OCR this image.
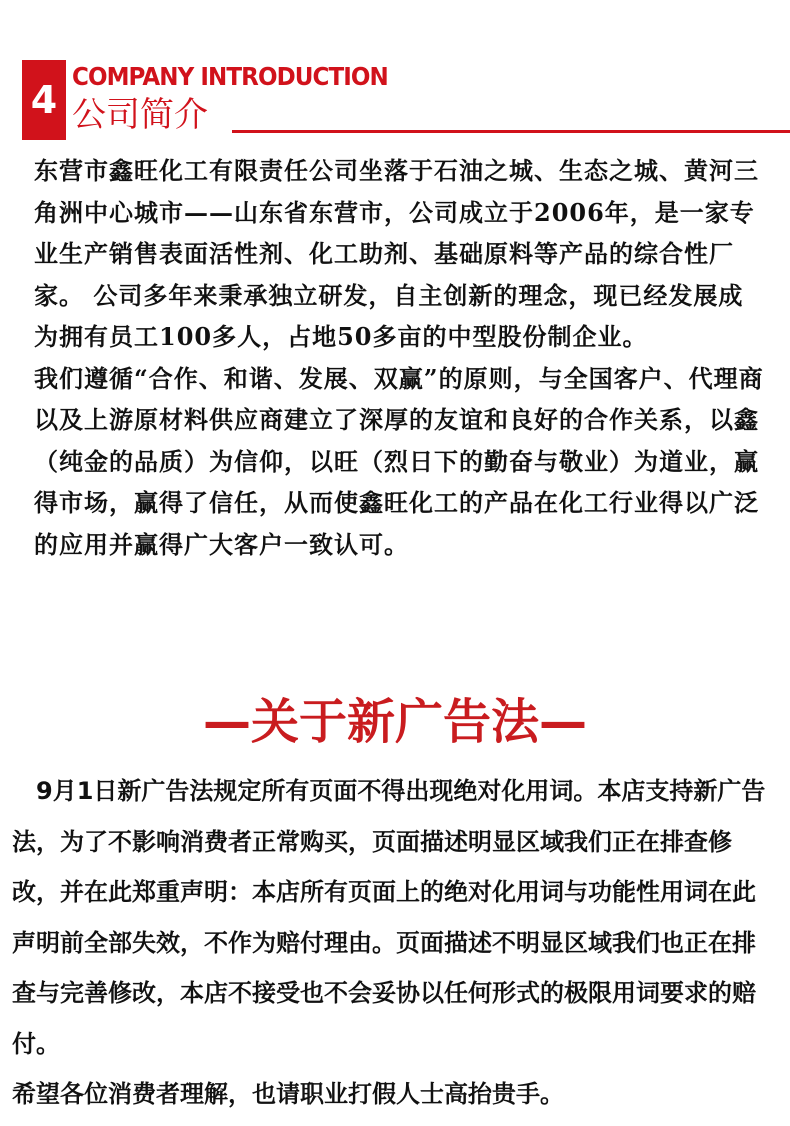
4
COMPANY INTRODUCTION
公司简介

东营市鑫旺化工有限责任公司坐落于石油之城、生态之城、黄河三角洲中心城市——山东省东营市，公司成立于2006年，是一家专业生产销售表面活性剂、化工助剂、基础原料等产品的综合性厂家。 公司多年来秉承独立研发，自主创新的理念，现已经发展成为拥有员工100多人，占地50多亩的中型股份制企业。

我们遵循“合作、和谐、发展、双赢”的原则，与全国客户、代理商以及上游原材料供应商建立了深厚的友谊和良好的合作关系，以鑫（纯金的品质）为信仰，以旺（烈日下的勤奋与敬业）为道业，赢得市场，赢得了信任，从而使鑫旺化工的产品在化工行业得以广泛的应用并赢得广大客户一致认可。

—关于新广告法—

 9月1日新广告法规定所有页面不得出现绝对化用词。本店支持新广告法，为了不影响消费者正常购买，页面描述明显区域我们正在排查修改，并在此郑重声明：本店所有页面上的绝对化用词与功能性用词在此声明前全部失效，不作为赔付理由。页面描述不明显区域我们也正在排查与完善修改，本店不接受也不会妥协以任何形式的极限用词要求的赔付。

希望各位消费者理解，也请职业打假人士高抬贵手。
